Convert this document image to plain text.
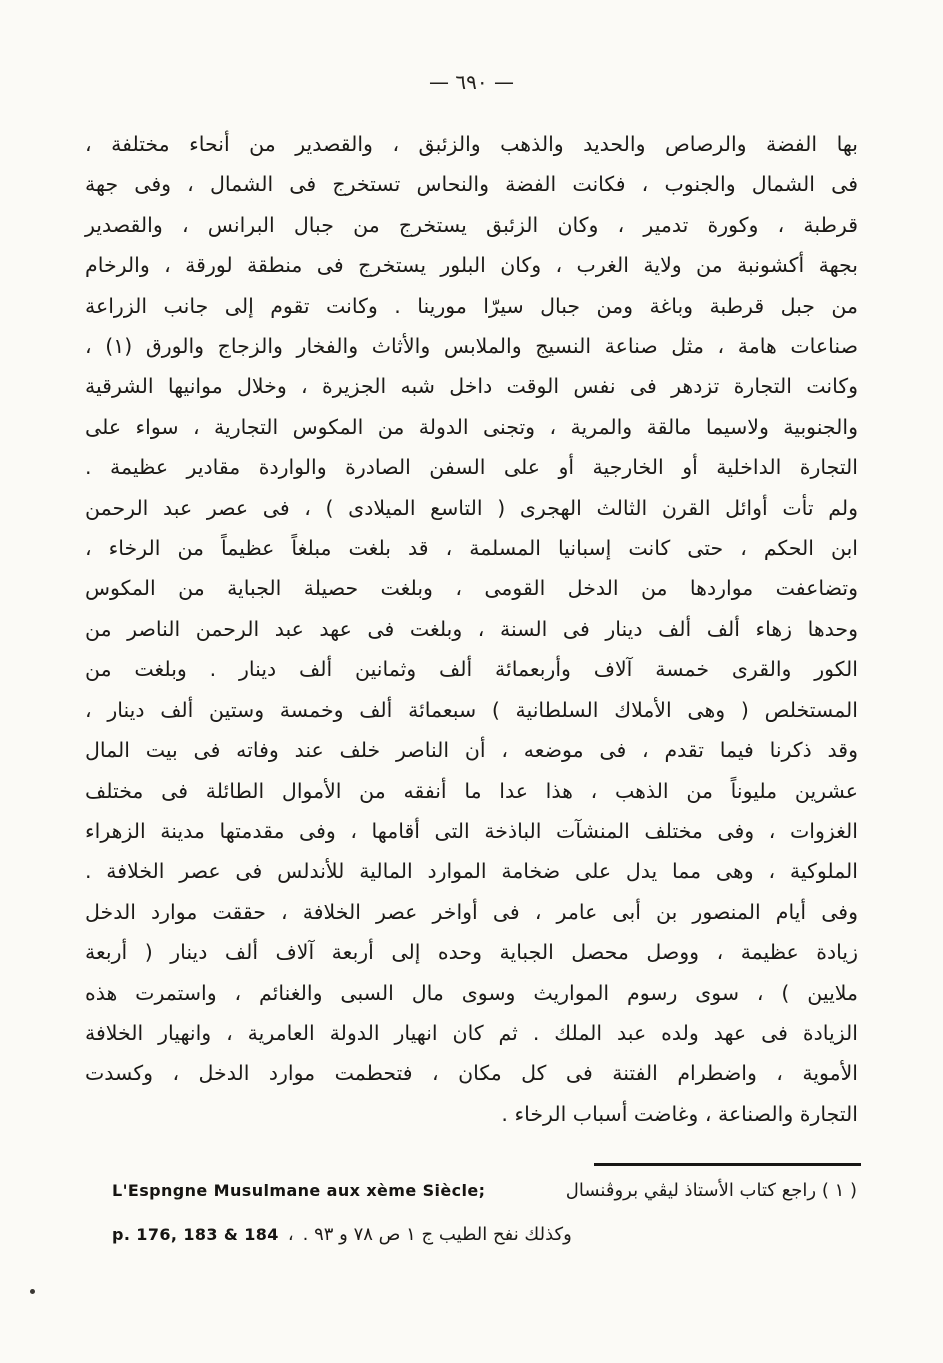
— ٦٩٠ —
بها الفضة والرصاص والحديد والذهب والزئبق ، والقصدير من أنحاء مختلفة ،
فى الشمال والجنوب ، فكانت الفضة والنحاس تستخرج فى الشمال ، وفى جهة
قرطبة ، وكورة تدمير ، وكان الزئبق يستخرج من جبال البرانس ، والقصدير
بجهة أكشونبة من ولاية الغرب ، وكان البلور يستخرج فى منطقة لورقة ، والرخام
من جبل قرطبة وباغة ومن جبال سيرّا مورينا . وكانت تقوم إلى جانب الزراعة
صناعات هامة ، مثل صناعة النسيج والملابس والأثاث والفخار والزجاج والورق (١) ،
وكانت التجارة تزدهر فى نفس الوقت داخل شبه الجزيرة ، وخلال موانيها الشرقية
والجنوبية ولاسيما مالقة والمرية ، وتجنى الدولة من المكوس التجارية ، سواء على
التجارة الداخلية أو الخارجية أو على السفن الصادرة والواردة مقادير عظيمة .
ولم تأت أوائل القرن الثالث الهجرى ( التاسع الميلادى ) ، فى عصر عبد الرحمن
ابن الحكم ، حتى كانت إسبانيا المسلمة ، قد بلغت مبلغاً عظيماً من الرخاء ،
وتضاعفت مواردها من الدخل القومى ، وبلغت حصيلة الجباية من المكوس
وحدها زهاء ألف ألف دينار فى السنة ، وبلغت فى عهد عبد الرحمن الناصر من
الكور والقرى خمسة آلاف وأربعمائة ألف وثمانين ألف دينار . وبلغت من
المستخلص ( وهى الأملاك السلطانية ) سبعمائة ألف وخمسة وستين ألف دينار ،
وقد ذكرنا فيما تقدم ، فى موضعه ، أن الناصر خلف عند وفاته فى بيت المال
عشرين مليوناً من الذهب ، هذا عدا ما أنفقه من الأموال الطائلة فى مختلف
الغزوات ، وفى مختلف المنشآت الباذخة التى أقامها ، وفى مقدمتها مدينة الزهراء
الملوكية ، وهى مما يدل على ضخامة الموارد المالية للأندلس فى عصر الخلافة .
وفى أيام المنصور بن أبى عامر ، فى أواخر عصر الخلافة ، حققت موارد الدخل
زيادة عظيمة ، ووصل محصل الجباية وحده إلى أربعة آلاف ألف دينار ( أربعة
ملايين ) ، سوى رسوم المواريث وسوى مال السبى والغنائم ، واستمرت هذه
الزيادة فى عهد ولده عبد الملك . ثم كان انهيار الدولة العامرية ، وانهيار الخلافة
الأموية ، واضطرام الفتنة فى كل مكان ، فتحطمت موارد الدخل ، وكسدت
التجارة والصناعة ، وغاضت أسباب الرخاء .
L'Espngne Musulmane aux xème Siècle;	( ١ ) راجع كتاب الأستاذ ليڤي بروڤنسال
p. 176, 183 & 184 ، وكذلك نفح الطيب ج ١ ص ٧٨ و ٩٣ .
